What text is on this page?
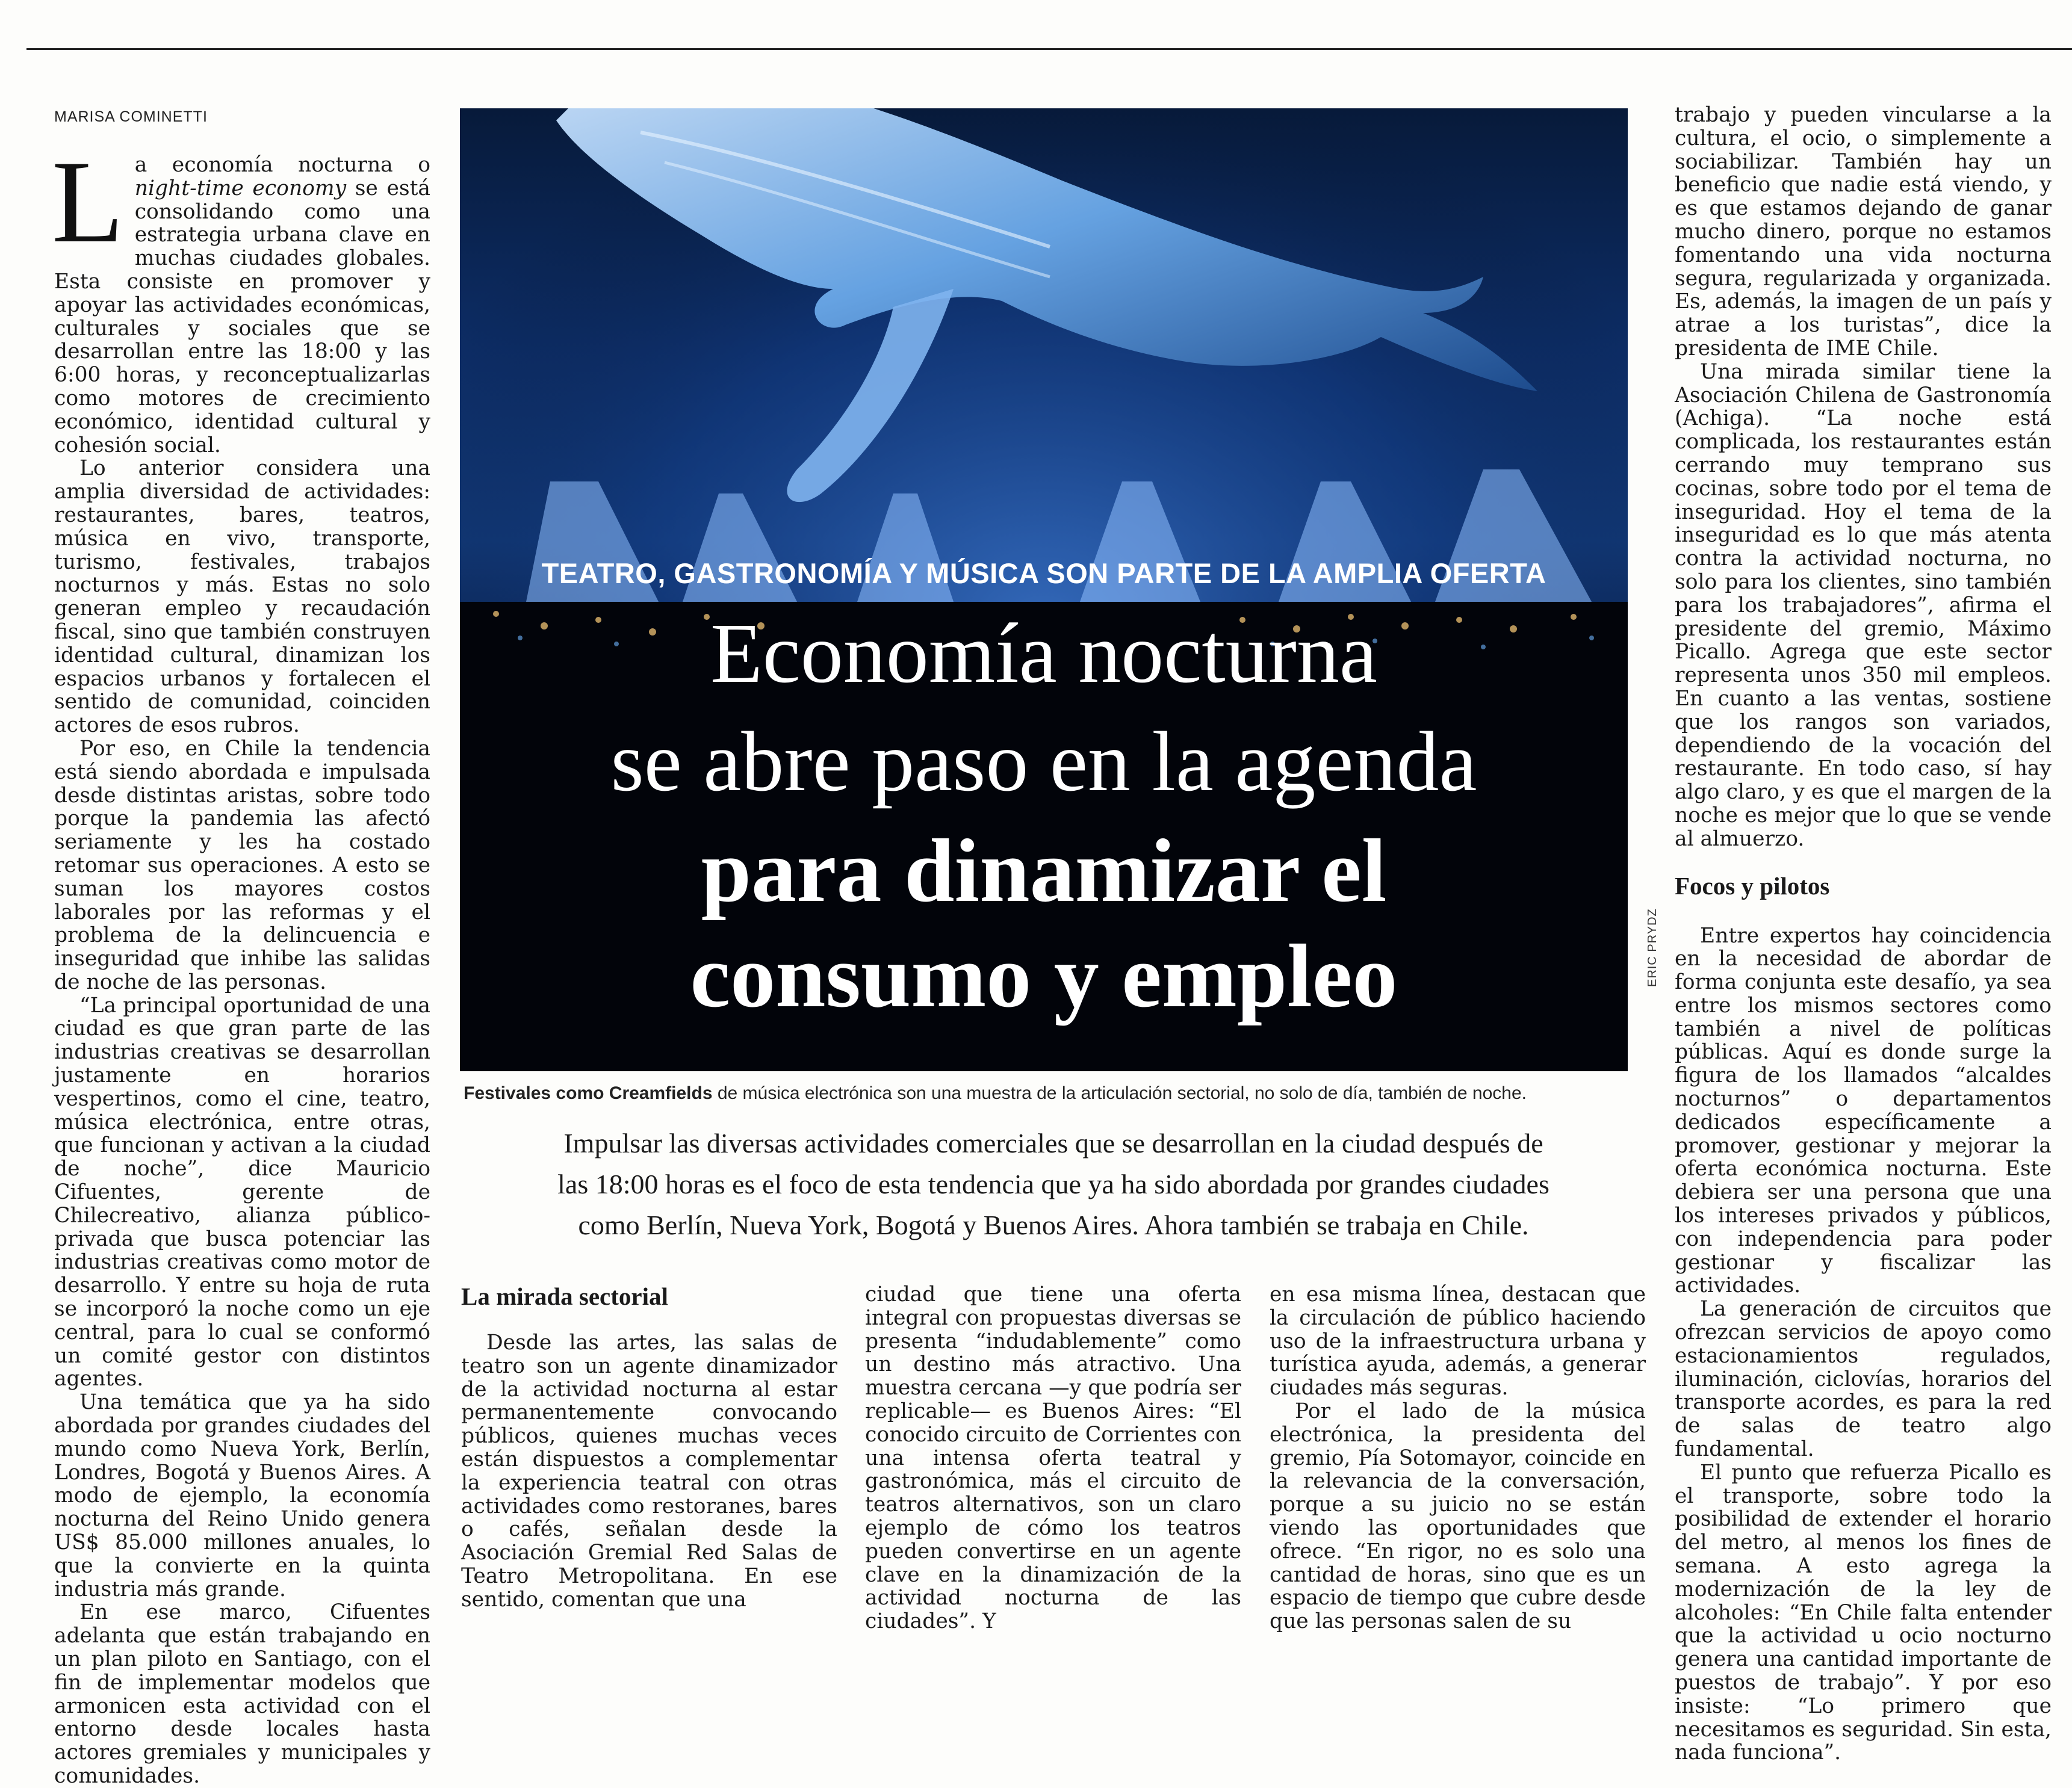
MARISA COMINETTI

La economía nocturna o night-time economy se está consolidando como una estrategia urbana clave en muchas ciudades globales. Esta consiste en promover y apoyar las actividades económicas, culturales y sociales que se desarrollan entre las 18:00 y las 6:00 horas, y reconceptualizarlas como motores de crecimiento económico, identidad cultural y cohesión social.

Lo anterior considera una amplia diversidad de actividades: restaurantes, bares, teatros, música en vivo, transporte, turismo, festivales, trabajos nocturnos y más. Estas no solo generan empleo y recaudación fiscal, sino que también construyen identidad cultural, dinamizan los espacios urbanos y fortalecen el sentido de comunidad, coinciden actores de esos rubros.

Por eso, en Chile la tendencia está siendo abordada e impulsada desde distintas aristas, sobre todo porque la pandemia las afectó seriamente y les ha costado retomar sus operaciones. A esto se suman los mayores costos laborales por las reformas y el problema de la delincuencia e inseguridad que inhibe las salidas de noche de las personas.

“La principal oportunidad de una ciudad es que gran parte de las industrias creativas se desarrollan justamente en horarios vespertinos, como el cine, teatro, música electrónica, entre otras, que funcionan y activan a la ciudad de noche”, dice Mauricio Cifuentes, gerente de Chilecreativo, alianza público-privada que busca potenciar las industrias creativas como motor de desarrollo. Y entre su hoja de ruta se incorporó la noche como un eje central, para lo cual se conformó un comité gestor con distintos agentes.

Una temática que ya ha sido abordada por grandes ciudades del mundo como Nueva York, Berlín, Londres, Bogotá y Buenos Aires. A modo de ejemplo, la economía nocturna del Reino Unido genera US$ 85.000 millones anuales, lo que la convierte en la quinta industria más grande.

En ese marco, Cifuentes adelanta que están trabajando en un plan piloto en Santiago, con el fin de implementar modelos que armonicen esta actividad con el entorno desde locales hasta actores gremiales y municipales y comunidades.

TEATRO, GASTRONOMÍA Y MÚSICA SON PARTE DE LA AMPLIA OFERTA
Economía nocturna
se abre paso en la agenda
para dinamizar el
consumo y empleo	ERIC PRYDZ
Festivales como Creamfields de música electrónica son una muestra de la articulación sectorial, no solo de día, también de noche.
Impulsar las diversas actividades comerciales que se desarrollan en la ciudad después de
las 18:00 horas es el foco de esta tendencia que ya ha sido abordada por grandes ciudades
como Berlín, Nueva York, Bogotá y Buenos Aires. Ahora también se trabaja en Chile.

La mirada sectorial

Desde las artes, las salas de teatro son un agente dinamizador de la actividad nocturna al estar permanentemente convocando públicos, quienes muchas veces están dispuestos a complementar la experiencia teatral con otras actividades como restoranes, bares o cafés, señalan desde la Asociación Gremial Red Salas de Teatro Metropolitana. En ese sentido, comentan que una

ciudad que tiene una oferta integral con propuestas diversas se presenta “indudablemente” como un destino más atractivo. Una muestra cercana —y que podría ser replicable— es Buenos Aires: “El conocido circuito de Corrientes con una intensa oferta teatral y gastronómica, más el circuito de teatros alternativos, son un claro ejemplo de cómo los teatros pueden convertirse en un agente clave en la dinamización de la actividad nocturna de las ciudades”. Y

en esa misma línea, destacan que la circulación de público haciendo uso de la infraestructura urbana y turística ayuda, además, a generar ciudades más seguras.

Por el lado de la música electrónica, la presidenta del gremio, Pía Sotomayor, coincide en la relevancia de la conversación, porque a su juicio no se están viendo las oportunidades que ofrece. “En rigor, no es solo una cantidad de horas, sino que es un espacio de tiempo que cubre desde que las personas salen de su

trabajo y pueden vincularse a la cultura, el ocio, o simplemente a sociabilizar. También hay un beneficio que nadie está viendo, y es que estamos dejando de ganar mucho dinero, porque no estamos fomentando una vida nocturna segura, regularizada y organizada. Es, además, la imagen de un país y atrae a los turistas”, dice la presidenta de IME Chile.

Una mirada similar tiene la Asociación Chilena de Gastronomía (Achiga). “La noche está complicada, los restaurantes están cerrando muy temprano sus cocinas, sobre todo por el tema de inseguridad. Hoy el tema de la inseguridad es lo que más atenta contra la actividad nocturna, no solo para los clientes, sino también para los trabajadores”, afirma el presidente del gremio, Máximo Picallo. Agrega que este sector representa unos 350 mil empleos. En cuanto a las ventas, sostiene que los rangos son variados, dependiendo de la vocación del restaurante. En todo caso, sí hay algo claro, y es que el margen de la noche es mejor que lo que se vende al almuerzo.

Focos y pilotos

Entre expertos hay coincidencia en la necesidad de abordar de forma conjunta este desafío, ya sea entre los mismos sectores como también a nivel de políticas públicas. Aquí es donde surge la figura de los llamados “alcaldes nocturnos” o departamentos dedicados específicamente a promover, gestionar y mejorar la oferta económica nocturna. Este debiera ser una persona que una los intereses privados y públicos, con independencia para poder gestionar y fiscalizar las actividades.

La generación de circuitos que ofrezcan servicios de apoyo como estacionamientos regulados, iluminación, ciclovías, horarios del transporte acordes, es para la red de salas de teatro algo fundamental.

El punto que refuerza Picallo es el transporte, sobre todo la posibilidad de extender el horario del metro, al menos los fines de semana. A esto agrega la modernización de la ley de alcoholes: “En Chile falta entender que la actividad u ocio nocturno genera una cantidad importante de puestos de trabajo”. Y por eso insiste: “Lo primero que necesitamos es seguridad. Sin esta, nada funciona”.
